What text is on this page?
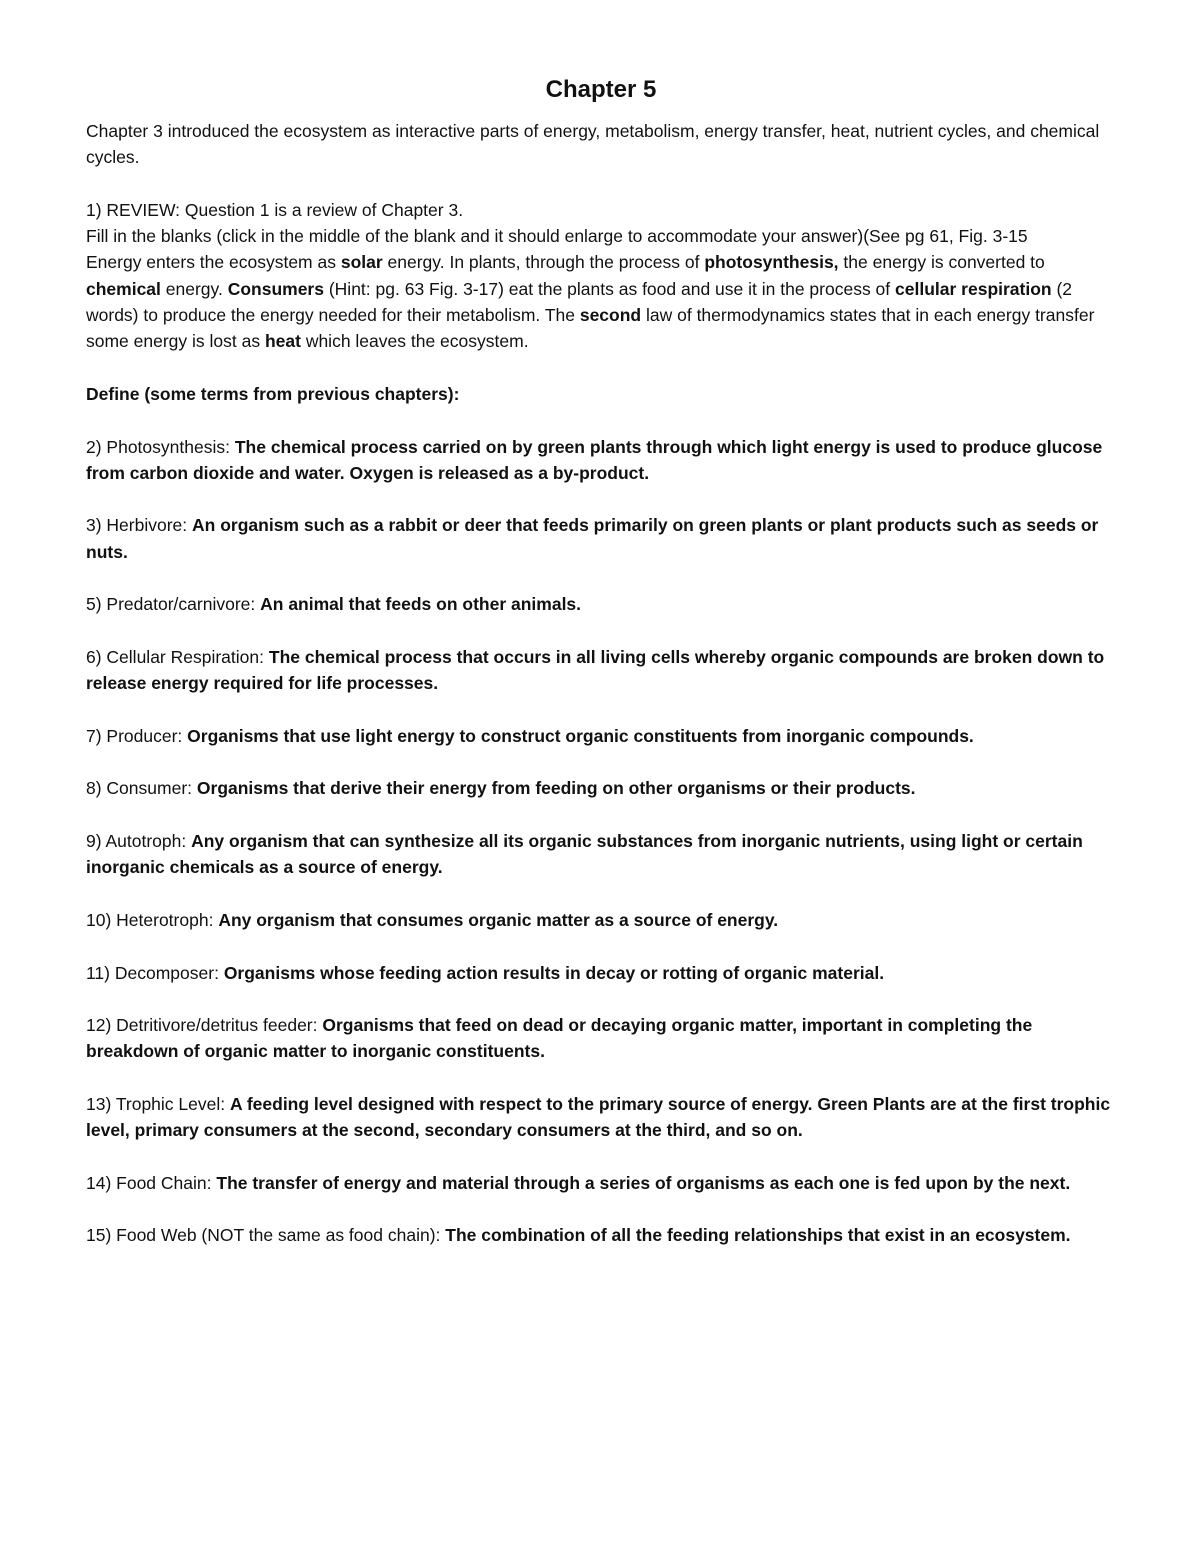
Chapter 5

Chapter 3 introduced the ecosystem as interactive parts of energy, metabolism, energy transfer, heat, nutrient cycles, and chemical cycles.

1) REVIEW: Question 1 is a review of Chapter 3.

Fill in the blanks (click in the middle of the blank and it should enlarge to accommodate your answer)(See pg 61, Fig. 3-15

Energy enters the ecosystem as solar energy. In plants, through the process of photosynthesis, the energy is converted to chemical energy. Consumers (Hint: pg. 63 Fig. 3-17) eat the plants as food and use it in the process of cellular respiration (2 words) to produce the energy needed for their metabolism. The second law of thermodynamics states that in each energy transfer some energy is lost as heat which leaves the ecosystem.

Define (some terms from previous chapters):

2) Photosynthesis: The chemical process carried on by green plants through which light energy is used to produce glucose from carbon dioxide and water. Oxygen is released as a by-product.

3) Herbivore: An organism such as a rabbit or deer that feeds primarily on green plants or plant products such as seeds or nuts.

5) Predator/carnivore: An animal that feeds on other animals.

6) Cellular Respiration: The chemical process that occurs in all living cells whereby organic compounds are broken down to release energy required for life processes.

7) Producer: Organisms that use light energy to construct organic constituents from inorganic compounds.

8) Consumer: Organisms that derive their energy from feeding on other organisms or their products.

9) Autotroph: Any organism that can synthesize all its organic substances from inorganic nutrients, using light or certain inorganic chemicals as a source of energy.

10) Heterotroph: Any organism that consumes organic matter as a source of energy.

11) Decomposer: Organisms whose feeding action results in decay or rotting of organic material.

12) Detritivore/detritus feeder: Organisms that feed on dead or decaying organic matter, important in completing the breakdown of organic matter to inorganic constituents.

13) Trophic Level: A feeding level designed with respect to the primary source of energy. Green Plants are at the first trophic level, primary consumers at the second, secondary consumers at the third, and so on.

14) Food Chain: The transfer of energy and material through a series of organisms as each one is fed upon by the next.

15) Food Web (NOT the same as food chain): The combination of all the feeding relationships that exist in an ecosystem.
